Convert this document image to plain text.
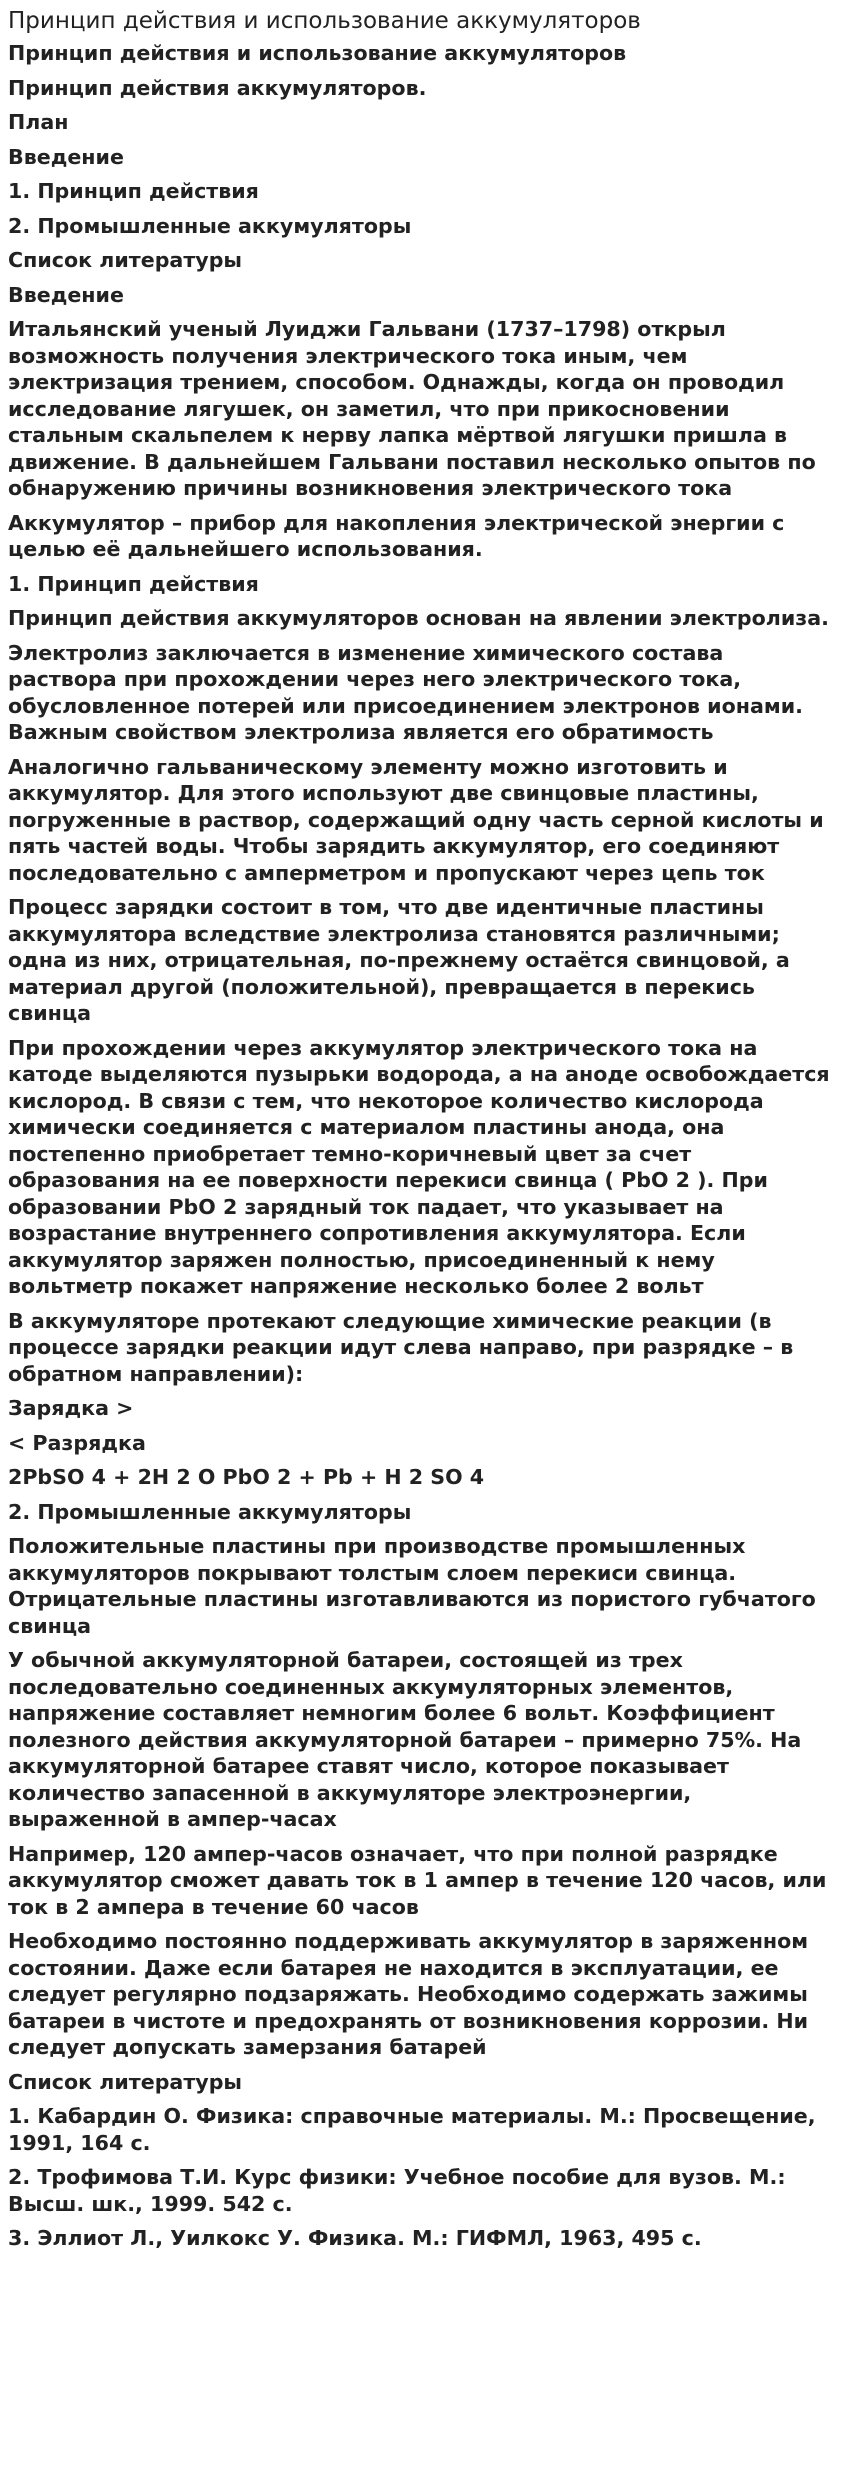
Принцип действия и использование аккумуляторов

Принцип действия и использование аккумуляторов

Принцип действия аккумуляторов.

План

Введение

1. Принцип действия

2. Промышленные аккумуляторы

Список литературы

Введение

Итальянский ученый Луиджи Гальвани (1737–1798) открыл возможность получения электрического тока иным, чем электризация трением, способом. Однажды, когда он проводил исследование лягушек, он заметил, что при прикосновении стальным скальпелем к нерву лапка мёртвой лягушки пришла в движение. В дальнейшем Гальвани поставил несколько опытов по обнаружению причины возникновения электрического тока

Аккумулятор – прибор для накопления электрической энергии с целью её дальнейшего использования.

1. Принцип действия

Принцип действия аккумуляторов основан на явлении электролиза.

Электролиз заключается в изменение химического состава раствора при прохождении через него электрического тока, обусловленное потерей или присоединением электронов ионами. Важным свойством электролиза является его обратимость

Аналогично гальваническому элементу можно изготовить и аккумулятор. Для этого используют две свинцовые пластины, погруженные в раствор, содержащий одну часть серной кислоты и пять частей воды. Чтобы зарядить аккумулятор, его соединяют последовательно с амперметром и пропускают через цепь ток

Процесс зарядки состоит в том, что две идентичные пластины аккумулятора вследствие электролиза становятся различными; одна из них, отрицательная, по-прежнему остаётся свинцовой, а материал другой (положительной), превращается в перекись свинца

При прохождении через аккумулятор электрического тока на катоде выделяются пузырьки водорода, а на аноде освобождается кислород. В связи с тем, что некоторое количество кислорода химически соединяется с материалом пластины анода, она постепенно приобретает темно-коричневый цвет за счет образования на ее поверхности перекиси свинца ( PbO 2 ). При образовании PbO 2 зарядный ток падает, что указывает на возрастание внутреннего сопротивления аккумулятора. Если аккумулятор заряжен полностью, присоединенный к нему вольтметр покажет напряжение несколько более 2 вольт

В аккумуляторе протекают следующие химические реакции (в процессе зарядки реакции идут слева направо, при разрядке – в обратном направлении):

Зарядка >

< Разрядка

2PbSO 4 + 2H 2 O PbO 2 + Pb + H 2 SO 4

2. Промышленные аккумуляторы

Положительные пластины при производстве промышленных аккумуляторов покрывают толстым слоем перекиси свинца. Отрицательные пластины изготавливаются из пористого губчатого свинца

У обычной аккумуляторной батареи, состоящей из трех последовательно соединенных аккумуляторных элементов, напряжение составляет немногим более 6 вольт. Коэффициент полезного действия аккумуляторной батареи – примерно 75%. На аккумуляторной батарее ставят число, которое показывает количество запасенной в аккумуляторе электроэнергии, выраженной в ампер-часах

Например, 120 ампер-часов означает, что при полной разрядке аккумулятор сможет давать ток в 1 ампер в течение 120 часов, или ток в 2 ампера в течение 60 часов

Необходимо постоянно поддерживать аккумулятор в заряженном состоянии. Даже если батарея не находится в эксплуатации, ее следует регулярно подзаряжать. Необходимо содержать зажимы батареи в чистоте и предохранять от возникновения коррозии. Ни следует допускать замерзания батарей

Список литературы

1. Кабардин О. Физика: справочные материалы. М.: Просвещение, 1991, 164 с.

2. Трофимова Т.И. Курс физики: Учебное пособие для вузов. М.: Высш. шк., 1999. 542 с.

3. Эллиот Л., Уилкокс У. Физика. М.: ГИФМЛ, 1963, 495 с.
